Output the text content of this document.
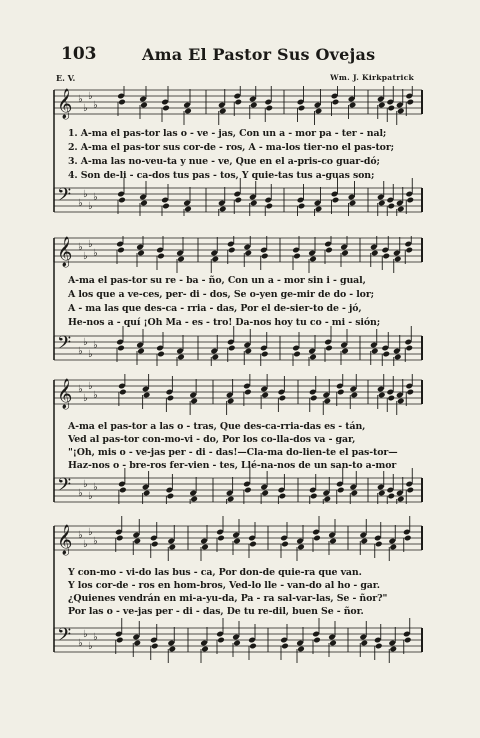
103	Ama El Pastor Sus Ovejas
E. V.	Wm. J. Kirkpatrick
𝄞 ♭
♭
♭
♭
𝄢 ♭
♭
♭
♭
1. A-ma el pas-tor las o - ve - jas, Con un a - mor pa - ter - nal;
2. A-ma el pas-tor sus cor-de - ros, A - ma-los tier-no el pas-tor;
3. A-ma las no-veu-ta y nue - ve, Que en el a-pris-co guar-dó;
4. Son de-li - ca-dos tus pas - tos, Y quie-tas tus a-guas son;
𝄞 ♭
♭
♭
♭
𝄢 ♭
♭
♭
♭
A-ma el pas-tor su re - ba - ño, Con un a - mor sin i - gual,
A los que a ve-ces, per- di - dos, Se o-yen ge-mir de do - lor;
A - ma las que des-ca - rria - das, Por el de-sier-to de - jó,
He-nos a - quí ¡Oh Ma - es - tro! Da-nos hoy tu co - mi - sión;
𝄞 ♭
♭
♭
♭
𝄢 ♭
♭
♭
♭
A-ma el pas-tor a las o - tras, Que des-ca-rria-das es - tán,
Ved al pas-tor con-mo-vi - do, Por los co-lla-dos va - gar,
"¡Oh, mis o - ve-jas per - di - das!—Cla-ma do-lien-te el pas-tor—
Haz-nos o - bre-ros fer-vien - tes, Llé-na-nos de un san-to a-mor
𝄞 ♭
♭
♭
♭
𝄢 ♭
♭
♭
♭
Y con-mo - vi-do las bus - ca, Por don-de quie-ra que van.
Y los cor-de - ros en hom-bros, Ved-lo lle - van-do al ho - gar.
¿Quienes vendrán en mi-a-yu-da, Pa - ra sal-var-las, Se - ñor?"
Por las o - ve-jas per - di - das, De tu re-dil, buen Se - ñor.
